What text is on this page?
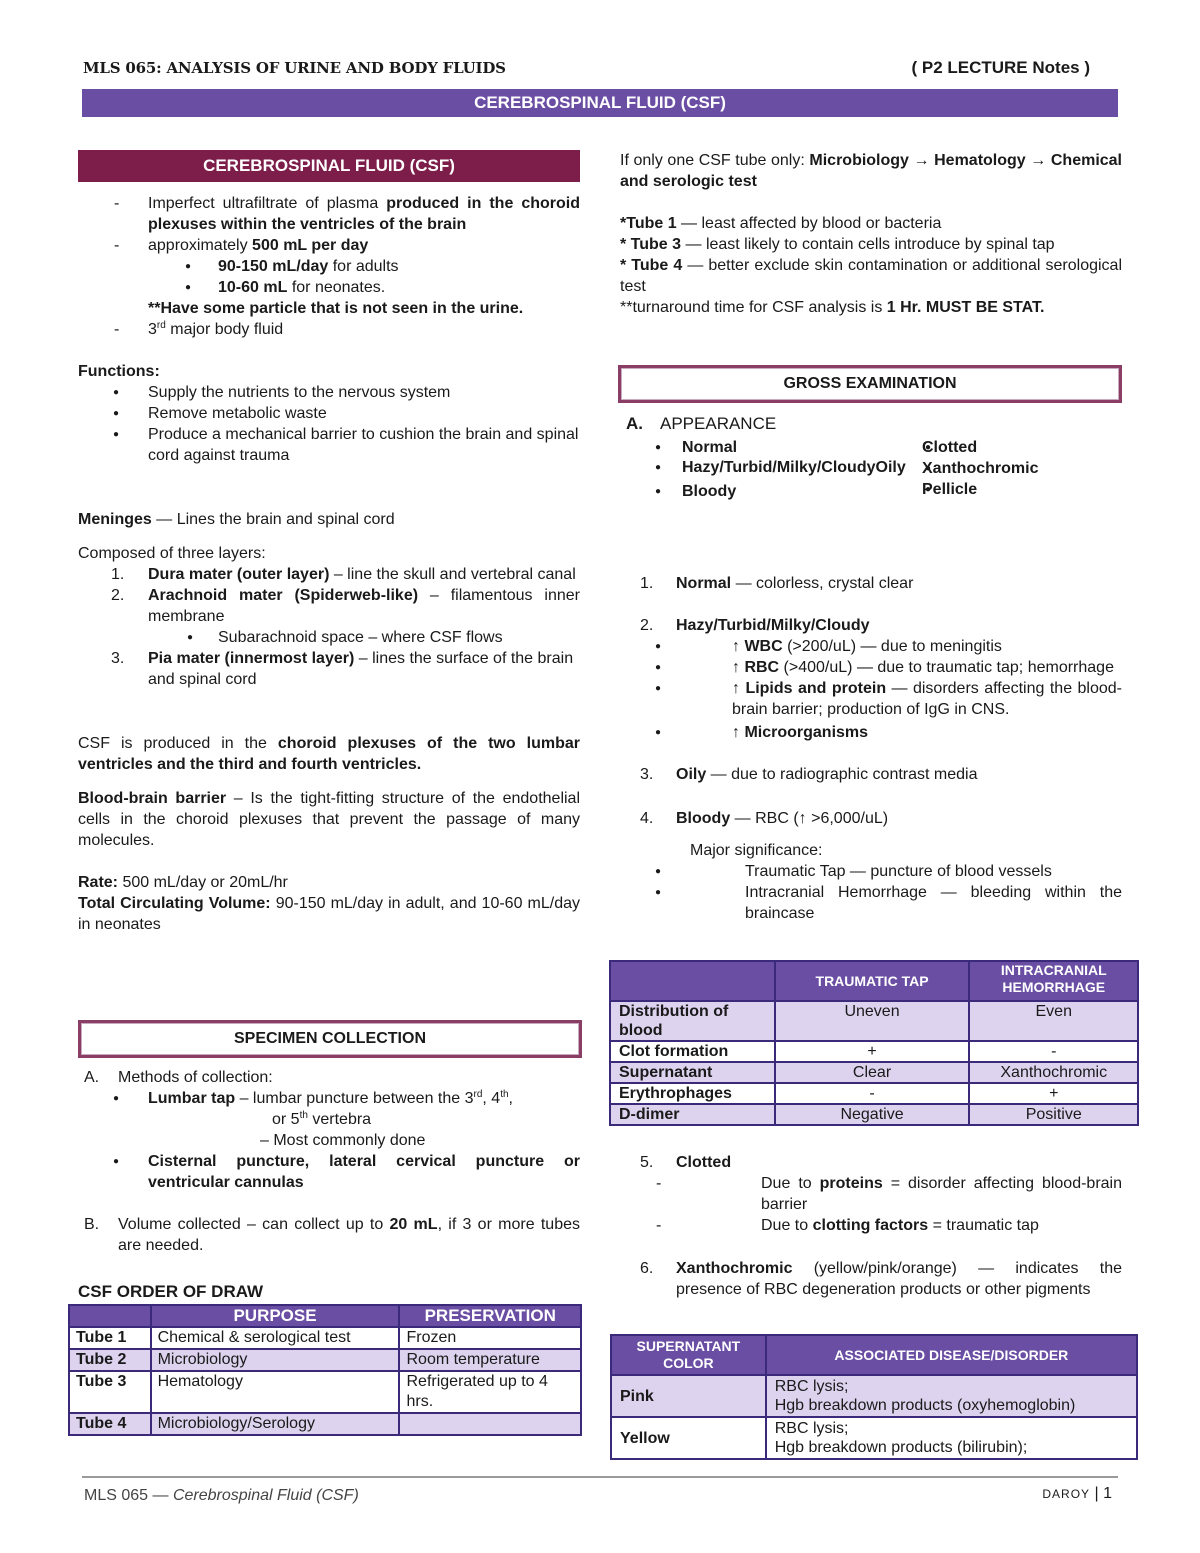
MLS 065: ANALYSIS OF URINE AND BODY FLUIDS	( P2 LECTURE Notes )
CEREBROSPINAL FLUID (CSF)
CEREBROSPINAL FLUID (CSF)
- Imperfect ultrafiltrate of plasma produced in the choroid plexuses within the ventricles of the brain
- approximately 500 mL per day
● 90-150 mL/day for adults
● 10-60 mL for neonates.
**Have some particle that is not seen in the urine.
- 3rd major body fluid
Functions:
● Supply the nutrients to the nervous system
● Remove metabolic waste
● Produce a mechanical barrier to cushion the brain and spinal cord against trauma
Meninges — Lines the brain and spinal cord
Composed of three layers:
1. Dura mater (outer layer) – line the skull and vertebral canal
2. Arachnoid mater (Spiderweb-like) – filamentous inner membrane
● Subarachnoid space – where CSF flows
3. Pia mater (innermost layer) – lines the surface of the brain and spinal cord
CSF is produced in the choroid plexuses of the two lumbar ventricles and the third and fourth ventricles.
Blood-brain barrier – Is the tight-fitting structure of the endothelial cells in the choroid plexuses that prevent the passage of many molecules.
Rate: 500 mL/day or 20mL/hr
Total Circulating Volume: 90-150 mL/day in adult, and 10-60 mL/day in neonates
SPECIMEN COLLECTION
A. Methods of collection:
● Lumbar tap – lumbar puncture between the 3rd, 4th,
or 5th vertebra
– Most commonly done
● Cisternal puncture, lateral cervical puncture or ventricular cannulas
B. Volume collected – can collect up to 20 mL, if 3 or more tubes are needed.
CSF ORDER OF DRAW
	PURPOSE	PRESERVATION
Tube 1	Chemical & serological test	Frozen
Tube 2	Microbiology	Room temperature
Tube 3	Hematology	Refrigerated up to 4 hrs.
Tube 4	Microbiology/Serology	
If only one CSF tube only: Microbiology → Hematology → Chemical and serologic test
*Tube 1 — least affected by blood or bacteria
* Tube 3 — least likely to contain cells introduce by spinal tap
* Tube 4 — better exclude skin contamination or additional serological test
**turnaround time for CSF analysis is 1 Hr. MUST BE STAT.
GROSS EXAMINATION
A. APPEARANCE
● Normal
● Hazy/Turbid/Milky/CloudyOily
● Bloody
● Clotted
● Xanthochromic
● Pellicle
1. Normal — colorless, crystal clear
2. Hazy/Turbid/Milky/Cloudy
● ↑ WBC (>200/uL) — due to meningitis
● ↑ RBC (>400/uL) — due to traumatic tap; hemorrhage
● ↑ Lipids and protein — disorders affecting the blood-brain barrier; production of IgG in CNS.
● ↑ Microorganisms
3. Oily — due to radiographic contrast media
4. Bloody — RBC (↑ >6,000/uL)
Major significance:
● Traumatic Tap — puncture of blood vessels
● Intracranial Hemorrhage — bleeding within the braincase
	TRAUMATIC TAP	INTRACRANIAL HEMORRHAGE
Distribution of blood	Uneven	Even
Clot formation	+	-
Supernatant	Clear	Xanthochromic
Erythrophages	-	+
D-dimer	Negative	Positive
5. Clotted
- Due to proteins = disorder affecting blood-brain barrier
- Due to clotting factors = traumatic tap
6. Xanthochromic (yellow/pink/orange) — indicates the presence of RBC degeneration products or other pigments
SUPERNATANT COLOR	ASSOCIATED DISEASE/DISORDER
Pink	RBC lysis;
Hgb breakdown products (oxyhemoglobin)

Yellow	RBC lysis;
Hgb breakdown products (bilirubin);
MLS 065 — Cerebrospinal Fluid (CSF)	DAROY | 1
